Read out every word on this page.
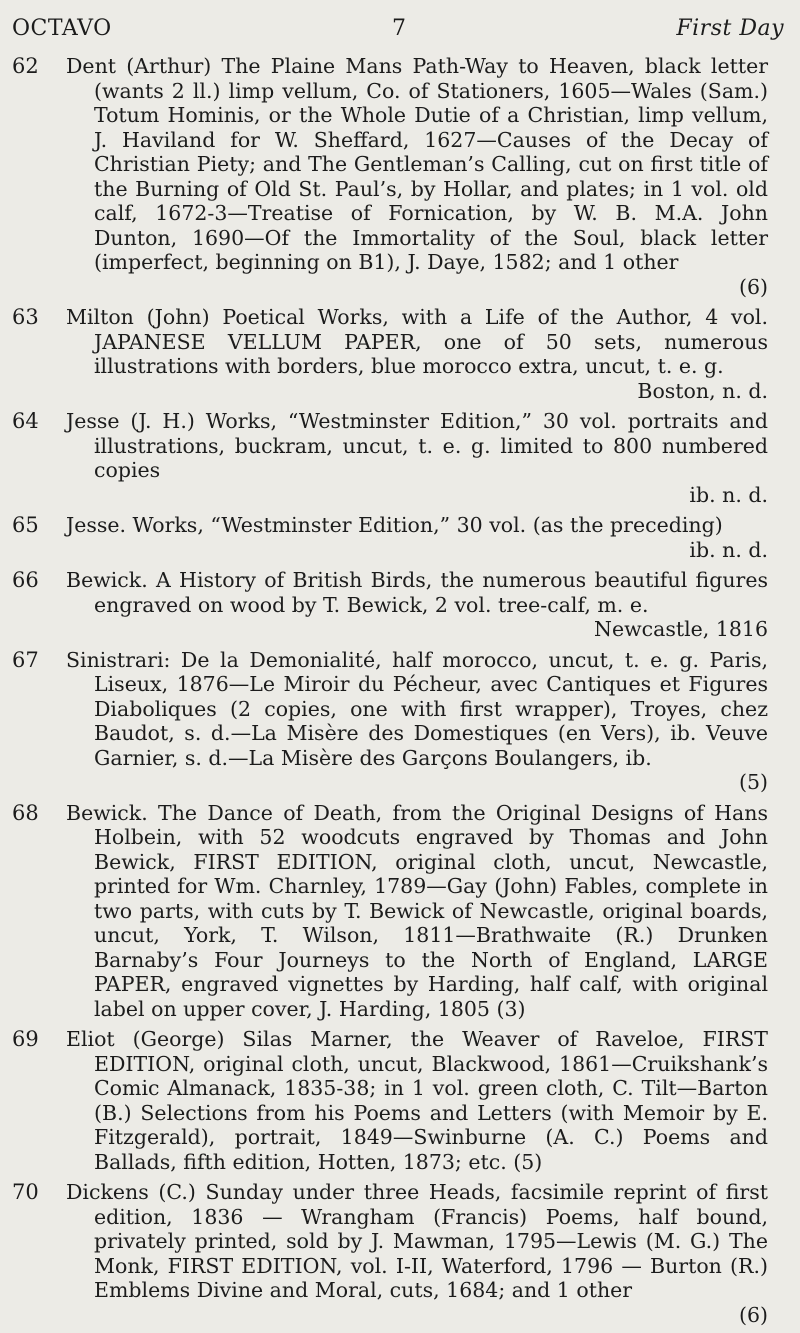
OCTAVO	7	First Day
62 Dent (Arthur) The Plaine Mans Path-Way to Heaven, black letter (wants 2 ll.) limp vellum, Co. of Stationers, 1605—Wales (Sam.) Totum Hominis, or the Whole Dutie of a Christian, limp vellum, J. Haviland for W. Sheffard, 1627—Causes of the Decay of Christian Piety; and The Gentleman’s Calling, cut on first title of the Burning of Old St. Paul’s, by Hollar, and plates; in 1 vol. old calf, 1672-3—Treatise of Fornication, by W. B. M.A. John Dunton, 1690—Of the Immortality of the Soul, black letter (imperfect, beginning on B1), J. Daye, 1582; and 1 other
(6)
63 Milton (John) Poetical Works, with a Life of the Author, 4 vol. JAPANESE VELLUM PAPER, one of 50 sets, numerous illustrations with borders, blue morocco extra, uncut, t. e. g.
Boston, n. d.
64 Jesse (J. H.) Works, “Westminster Edition,” 30 vol. portraits and illustrations, buckram, uncut, t. e. g. limited to 800 numbered copies
ib. n. d.
65 Jesse. Works, “Westminster Edition,” 30 vol. (as the preceding)
ib. n. d.
66 Bewick. A History of British Birds, the numerous beautiful figures engraved on wood by T. Bewick, 2 vol. tree-calf, m. e.
Newcastle, 1816
67 Sinistrari: De la Demonialité, half morocco, uncut, t. e. g. Paris, Liseux, 1876—Le Miroir du Pécheur, avec Cantiques et Figures Diaboliques (2 copies, one with first wrapper), Troyes, chez Baudot, s. d.—La Misère des Domestiques (en Vers), ib. Veuve Garnier, s. d.—La Misère des Garçons Boulangers, ib.
(5)
68 Bewick. The Dance of Death, from the Original Designs of Hans Holbein, with 52 woodcuts engraved by Thomas and John Bewick, FIRST EDITION, original cloth, uncut, Newcastle, printed for Wm. Charnley, 1789—Gay (John) Fables, complete in two parts, with cuts by T. Bewick of Newcastle, original boards, uncut, York, T. Wilson, 1811—Brathwaite (R.) Drunken Barnaby’s Four Journeys to the North of England, LARGE PAPER, engraved vignettes by Harding, half calf, with original label on upper cover, J. Harding, 1805 (3)
69 Eliot (George) Silas Marner, the Weaver of Raveloe, FIRST EDITION, original cloth, uncut, Blackwood, 1861—Cruikshank’s Comic Almanack, 1835-38; in 1 vol. green cloth, C. Tilt—Barton (B.) Selections from his Poems and Letters (with Memoir by E. Fitzgerald), portrait, 1849—Swinburne (A. C.) Poems and Ballads, fifth edition, Hotten, 1873; etc. (5)
70 Dickens (C.) Sunday under three Heads, facsimile reprint of first edition, 1836 — Wrangham (Francis) Poems, half bound, privately printed, sold by J. Mawman, 1795—Lewis (M. G.) The Monk, FIRST EDITION, vol. I-II, Waterford, 1796 — Burton (R.) Emblems Divine and Moral, cuts, 1684; and 1 other
(6)
